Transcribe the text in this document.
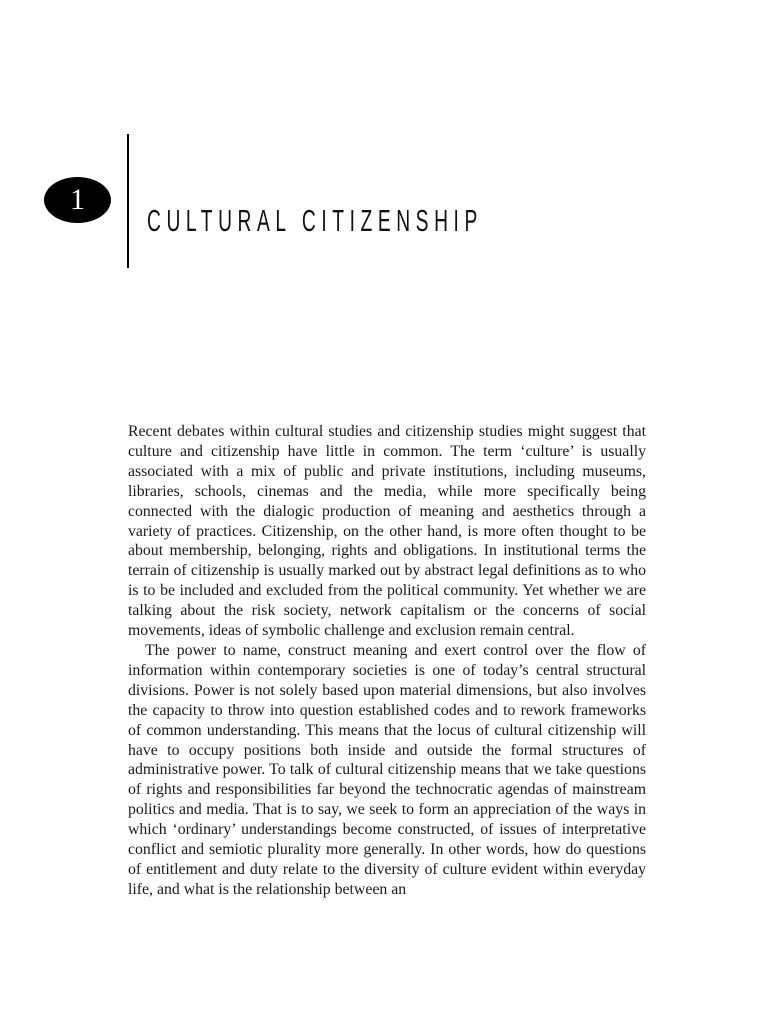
1
CULTURAL CITIZENSHIP

Recent debates within cultural studies and citizenship studies might suggest that culture and citizenship have little in common. The term ‘culture’ is usually associated with a mix of public and private institutions, including museums, libraries, schools, cinemas and the media, while more specifically being connected with the dialogic production of meaning and aesthetics through a variety of practices. Citizenship, on the other hand, is more often thought to be about membership, belonging, rights and obligations. In institutional terms the terrain of citizenship is usually marked out by abstract legal definitions as to who is to be included and excluded from the political community. Yet whether we are talking about the risk society, network capitalism or the concerns of social movements, ideas of symbolic challenge and exclusion remain central.

The power to name, construct meaning and exert control over the flow of information within contemporary societies is one of today’s central structural divisions. Power is not solely based upon material dimensions, but also involves the capacity to throw into question established codes and to rework frameworks of common understanding. This means that the locus of cultural citizenship will have to occupy positions both inside and outside the formal structures of administrative power. To talk of cultural citizenship means that we take questions of rights and responsibilities far beyond the technocratic agendas of mainstream politics and media. That is to say, we seek to form an appreciation of the ways in which ‘ordinary’ understandings become constructed, of issues of interpretative conflict and semiotic plurality more generally. In other words, how do questions of entitlement and duty relate to the diversity of culture evident within everyday life, and what is the relationship between an
